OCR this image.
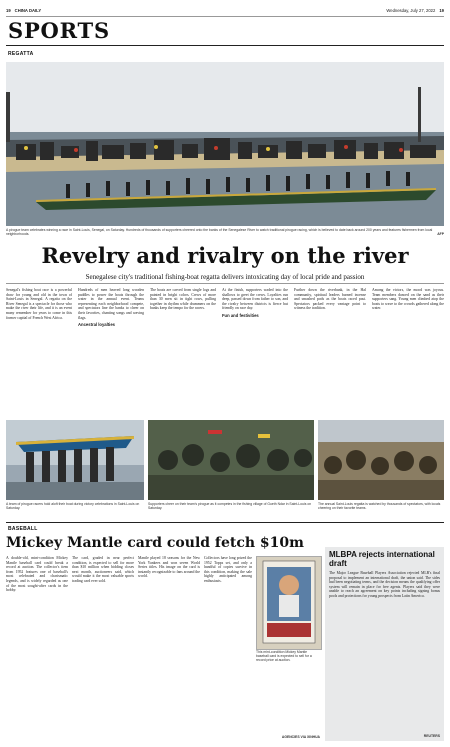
19 CHINA DAILY	Wednesday, July 27, 2022 19
SPORTS
REGATTA
A pirogue team celebrates winning a race in Saint-Louis, Senegal, on Saturday. Hundreds of thousands of supporters cheered onto the banks of the Senegalese River to watch traditional pirogue racing, which is believed to date back around 200 years and features fishermen from local neighborhoods.	AFP
Revelry and rivalry on the river
Senegalese city's traditional fishing-boat regatta delivers intoxicating day of local pride and passion
Senegal's fishing boat race is a powerful draw for young and old in the town of Saint-Louis in Senegal. A regatta on the River Senegal is a spectacle for those who make the river their life, and it is an event many remember for years to come in this former capital of French West Africa.
Hundreds of men heaved long wooden paddles to power the boats through the water in the annual event. Teams representing each neighborhood compete, and spectators line the banks to cheer on their favorites, chanting songs and waving flags.
Ancestral loyalties
The boats are carved from single logs and painted in bright colors. Crews of more than 30 men sit in tight rows, pulling together in rhythm while drummers on the banks keep the tempo for the racers.
At the finish, supporters waded into the shallows to greet the crews. Loyalties run deep, passed down from father to son, and the rivalry between districts is fierce but friendly on race day.
Fun and festivities
Further down the riverbank, in the Hal community, spiritual leaders burned incense and smashed pods as the boats raced past. Spectators packed every vantage point to witness the tradition.
Among the victors, the mood was joyous. Team members danced on the sand as their supporters sang. Young men climbed atop the boats to wave to the crowds gathered along the water.
A team of pirogue racers hold aloft their boat during victory celebrations in Saint-Louis on Saturday.
Supporters cheer on their team's pirogue as it competes in the fishing village of Gueth Ndar in Saint-Louis on Saturday.
The annual Saint-Louis regatta is watched by thousands of spectators, with locals cheering on their favorite teams.
BASEBALL
Mickey Mantle card could fetch $10m
A double-old, mint-condition Mickey Mantle baseball card could break a record at auction. The collector's item from 1952 features one of baseball's most celebrated and charismatic legends, and is widely regarded as one of the most sought-after cards in the hobby.
The card, graded in near perfect condition, is expected to sell for more than $10 million when bidding closes next month, auctioneers said, which would make it the most valuable sports trading card ever sold.
Mantle played 18 seasons for the New York Yankees and won seven World Series titles. His image on the card is instantly recognizable to fans around the world.
Collectors have long prized the 1952 Topps set, and only a handful of copies survive in this condition, making the sale highly anticipated among enthusiasts.
This mint-condition Mickey Mantle baseball card is expected to sell for a record price at auction.
AGENCIES VIA XINHUA
MLBPA rejects international draft
The Major League Baseball Players Association rejected MLB's final proposal to implement an international draft, the union said. The sides had been negotiating terms, and the decision means the qualifying offer system will remain in place for free agents. Players said they were unable to reach an agreement on key points including signing bonus pools and protections for young prospects from Latin America.
REUTERS
